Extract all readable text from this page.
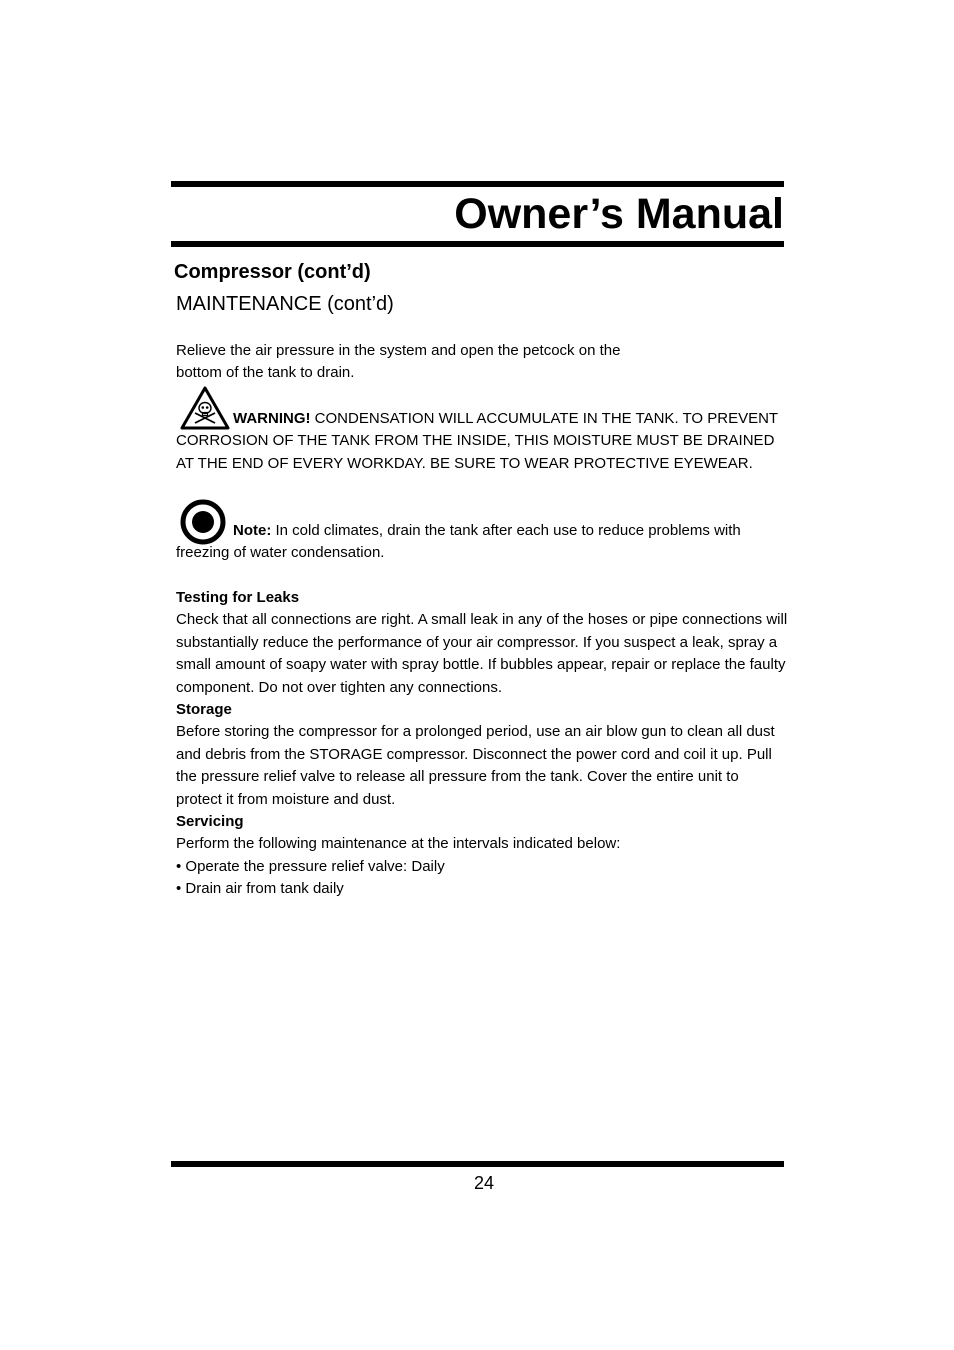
Owner’s Manual
Compressor (cont’d)
MAINTENANCE (cont’d)
Relieve the air pressure in the system and open the petcock on the
bottom of the tank to drain.
WARNING! CONDENSATION WILL ACCUMULATE IN THE TANK. TO PREVENT CORROSION OF THE TANK FROM THE INSIDE, THIS MOISTURE MUST BE DRAINED AT THE END OF EVERY WORKDAY. BE SURE TO WEAR PROTECTIVE EYEWEAR.
Note: In cold climates, drain the tank after each use to reduce problems with freezing of water condensation.
Testing for Leaks
Check that all connections are right. A small leak in any of the hoses or pipe connections will substantially reduce the performance of your air compressor. If you suspect a leak, spray a small amount of soapy water with spray bottle. If bubbles appear, repair or replace the faulty component. Do not over tighten any connections.
Storage
Before storing the compressor for a prolonged period, use an air blow gun to clean all dust and debris from the STORAGE compressor. Disconnect the power cord and coil it up. Pull the pressure relief valve to release all pressure from the tank. Cover the entire unit to protect it from moisture and dust.
Servicing
Perform the following maintenance at the intervals indicated below:
• Operate the pressure relief valve: Daily
• Drain air from tank daily
24
